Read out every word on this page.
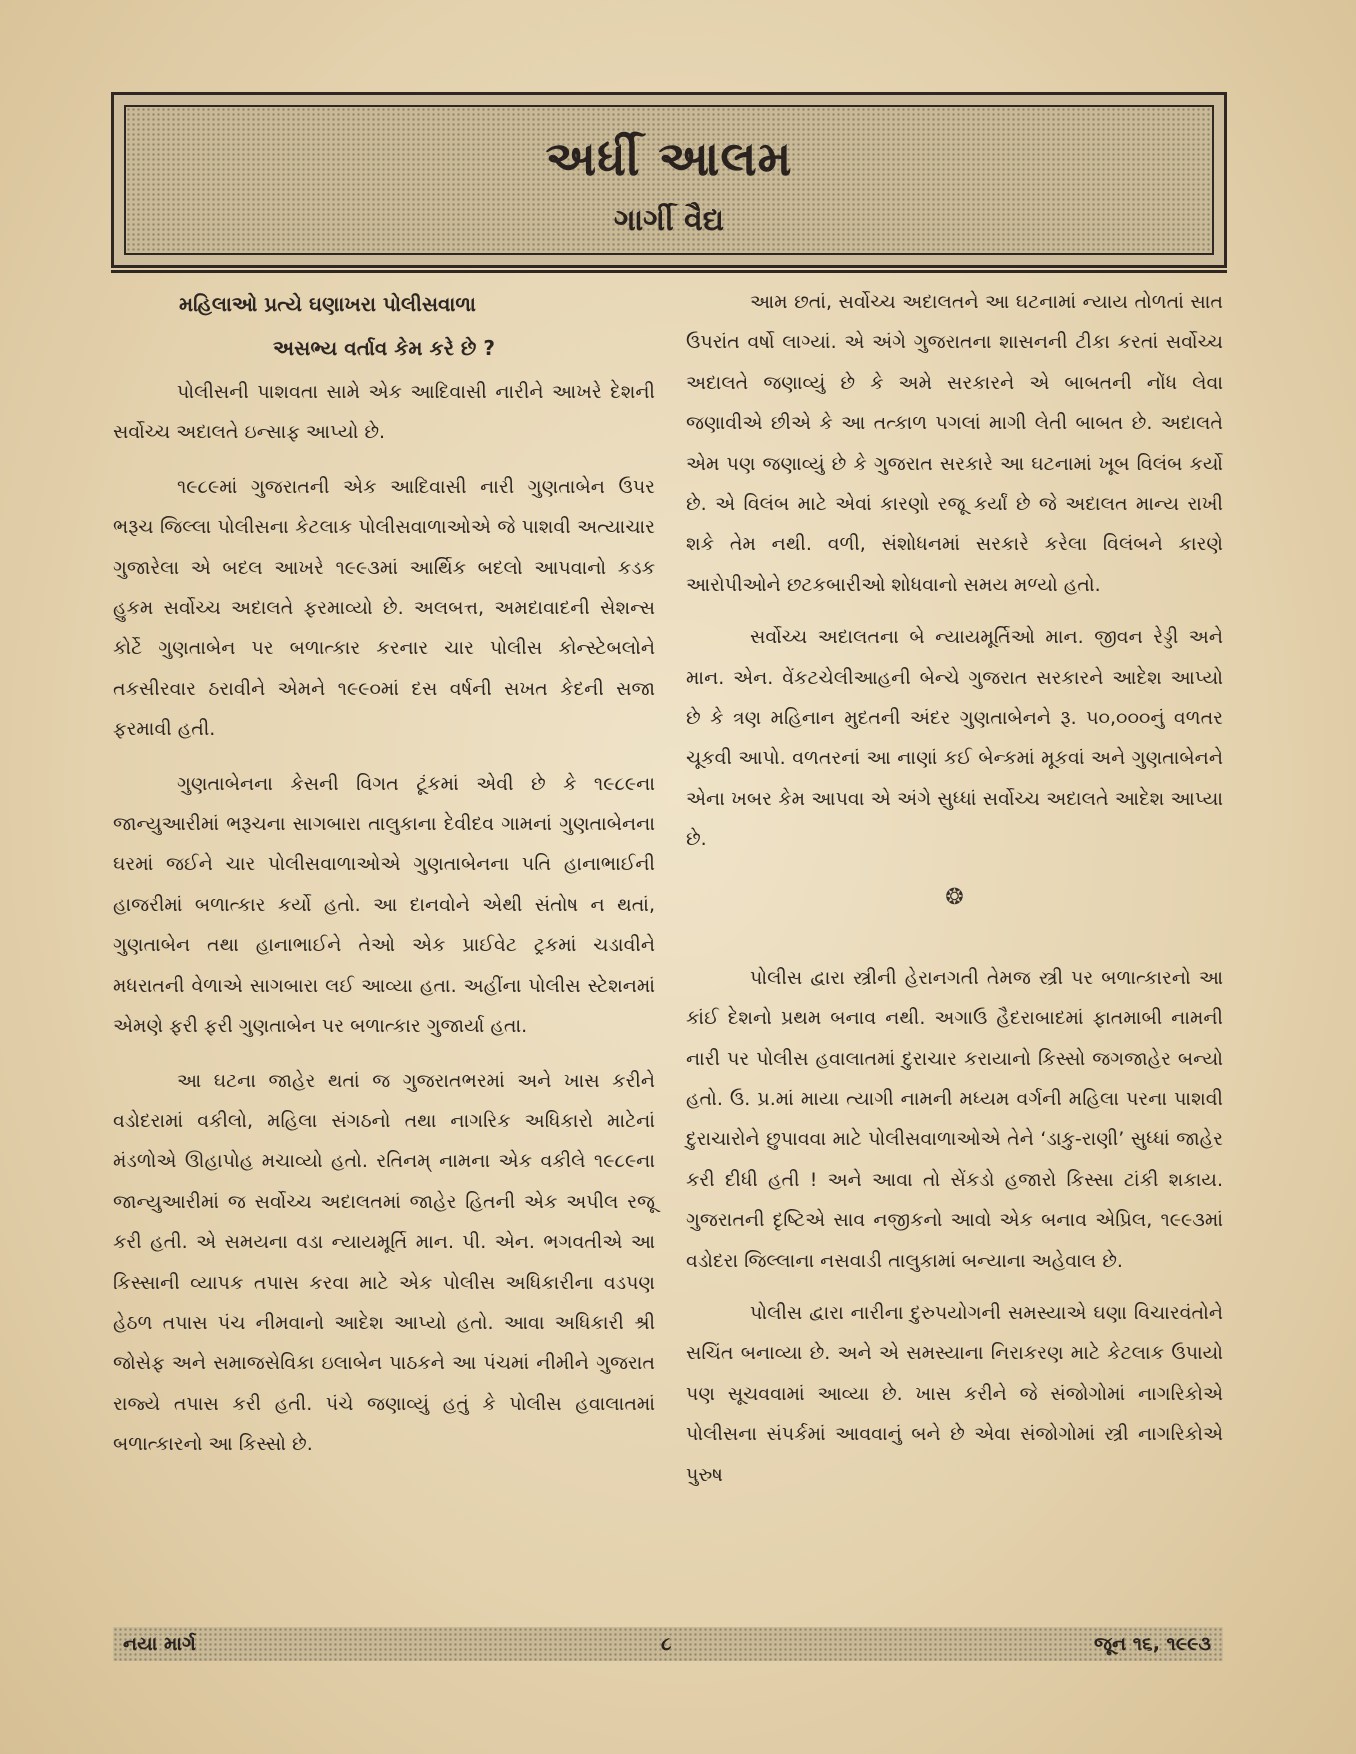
અર્ધી આલમ
ગાર્ગી વૈદ્ય
મહિલાઓ પ્રત્યે ઘણાખરા પોલીસવાળા
અસભ્ય વર્તાવ કેમ કરે છે ?

પોલીસની પાશવતા સામે એક આદિવાસી નારીને આખરે દેશની સર્વોચ્ચ અદાલતે ઇન્સાફ આપ્યો છે.

૧૯૮૯માં ગુજરાતની એક આદિવાસી નારી ગુણતાબેન ઉપર ભરૂચ જિલ્લા પોલીસના કેટલાક પોલીસવાળાઓએ જે પાશવી અત્યાચાર ગુજારેલા એ બદલ આખરે ૧૯૯૩માં આર્થિક બદલો આપવાનો કડક હુકમ સર્વોચ્ચ અદાલતે ફરમાવ્યો છે. અલબત્ત, અમદાવાદની સેશન્સ કોર્ટે ગુણતાબેન પર બળાત્કાર કરનાર ચાર પોલીસ કોન્સ્ટેબલોને તકસીરવાર ઠરાવીને એમને ૧૯૯૦માં દસ વર્ષની સખત કેદની સજા ફરમાવી હતી.

ગુણતાબેનના કેસની વિગત ટૂંકમાં એવી છે કે ૧૯૮૯ના જાન્યુઆરીમાં ભરૂચના સાગબારા તાલુકાના દેવીદવ ગામનાં ગુણતાબેનના ઘરમાં જઈને ચાર પોલીસવાળાઓએ ગુણતાબેનના પતિ હાનાભાઈની હાજરીમાં બળાત્કાર કર્યો હતો. આ દાનવોને એથી સંતોષ ન થતાં, ગુણતાબેન તથા હાનાભાઈને તેઓ એક પ્રાઈવેટ ટ્રકમાં ચડાવીને મધરાતની વેળાએ સાગબારા લઈ આવ્યા હતા. અહીંના પોલીસ સ્ટેશનમાં એમણે ફરી ફરી ગુણતાબેન પર બળાત્કાર ગુજાર્યા હતા.

આ ઘટના જાહેર થતાં જ ગુજરાતભરમાં અને ખાસ કરીને વડોદરામાં વકીલો, મહિલા સંગઠનો તથા નાગરિક અધિકારો માટેનાં મંડળોએ ઊહાપોહ મચાવ્યો હતો. રતિનમ્ નામના એક વકીલે ૧૯૮૯ના જાન્યુઆરીમાં જ સર્વોચ્ચ અદાલતમાં જાહેર હિતની એક અપીલ રજૂ કરી હતી. એ સમયના વડા ન્યાયમૂર્તિ માન. પી. એન. ભગવતીએ આ કિસ્સાની વ્યાપક તપાસ કરવા માટે એક પોલીસ અધિકારીના વડપણ હેઠળ તપાસ પંચ નીમવાનો આદેશ આપ્યો હતો. આવા અધિકારી શ્રી જોસેફ અને સમાજસેવિકા ઇલાબેન પાઠકને આ પંચમાં નીમીને ગુજરાત રાજ્યે તપાસ કરી હતી. પંચે જણાવ્યું હતું કે પોલીસ હવાલાતમાં બળાત્કારનો આ કિસ્સો છે.

આમ છતાં, સર્વોચ્ચ અદાલતને આ ઘટનામાં ન્યાય તોળતાં સાત ઉપરાંત વર્ષો લાગ્યાં. એ અંગે ગુજરાતના શાસનની ટીકા કરતાં સર્વોચ્ચ અદાલતે જણાવ્યું છે કે અમે સરકારને એ બાબતની નોંધ લેવા જણાવીએ છીએ કે આ તત્કાળ પગલાં માગી લેતી બાબત છે. અદાલતે એમ પણ જણાવ્યું છે કે ગુજરાત સરકારે આ ઘટનામાં ખૂબ વિલંબ કર્યો છે. એ વિલંબ માટે એવાં કારણો રજૂ કર્યાં છે જે અદાલત માન્ય રાખી શકે તેમ નથી. વળી, સંશોધનમાં સરકારે કરેલા વિલંબને કારણે આરોપીઓને છટકબારીઓ શોધવાનો સમય મળ્યો હતો.

સર્વોચ્ચ અદાલતના બે ન્યાયમૂર્તિઓ માન. જીવન રેડ્ડી અને માન. એન. વેંકટચેલીઆહની બેન્ચે ગુજરાત સરકારને આદેશ આપ્યો છે કે ત્રણ મહિનાન મુદતની અંદર ગુણતાબેનને રૂ. ૫૦,૦૦૦નું વળતર ચૂકવી આપો. વળતરનાં આ નાણાં કઈ બેન્કમાં મૂકવાં અને ગુણતાબેનને એના ખબર કેમ આપવા એ અંગે સુધ્ધાં સર્વોચ્ચ અદાલતે આદેશ આપ્યા છે.

❂

પોલીસ દ્વારા સ્ત્રીની હેરાનગતી તેમજ સ્ત્રી પર બળાત્કારનો આ કાંઈ દેશનો પ્રથમ બનાવ નથી. અગાઉ હૈદરાબાદમાં ફાતમાબી નામની નારી પર પોલીસ હવાલાતમાં દુરાચાર કરાયાનો કિસ્સો જગજાહેર બન્યો હતો. ઉ. પ્ર.માં માયા ત્યાગી નામની મધ્યમ વર્ગની મહિલા પરના પાશવી દુરાચારોને છુપાવવા માટે પોલીસવાળાઓએ તેને ‘ડાકુ-રાણી’ સુધ્ધાં જાહેર કરી દીધી હતી ! અને આવા તો સેંકડો હજારો કિસ્સા ટાંકી શકાય. ગુજરાતની દૃષ્ટિએ સાવ નજીકનો આવો એક બનાવ એપ્રિલ, ૧૯૯૩માં વડોદરા જિલ્લાના નસવાડી તાલુકામાં બન્યાના અહેવાલ છે.

પોલીસ દ્વારા નારીના દુરુપયોગની સમસ્યાએ ઘણા વિચારવંતોને સચિંત બનાવ્યા છે. અને એ સમસ્યાના નિરાકરણ માટે કેટલાક ઉપાયો પણ સૂચવવામાં આવ્યા છે. ખાસ કરીને જે સંજોગોમાં નાગરિકોએ પોલીસના સંપર્કમાં આવવાનું બને છે એવા સંજોગોમાં સ્ત્રી નાગરિકોએ પુરુષ

નયા માર્ગ	૮	જૂન ૧૬, ૧૯૯૩
